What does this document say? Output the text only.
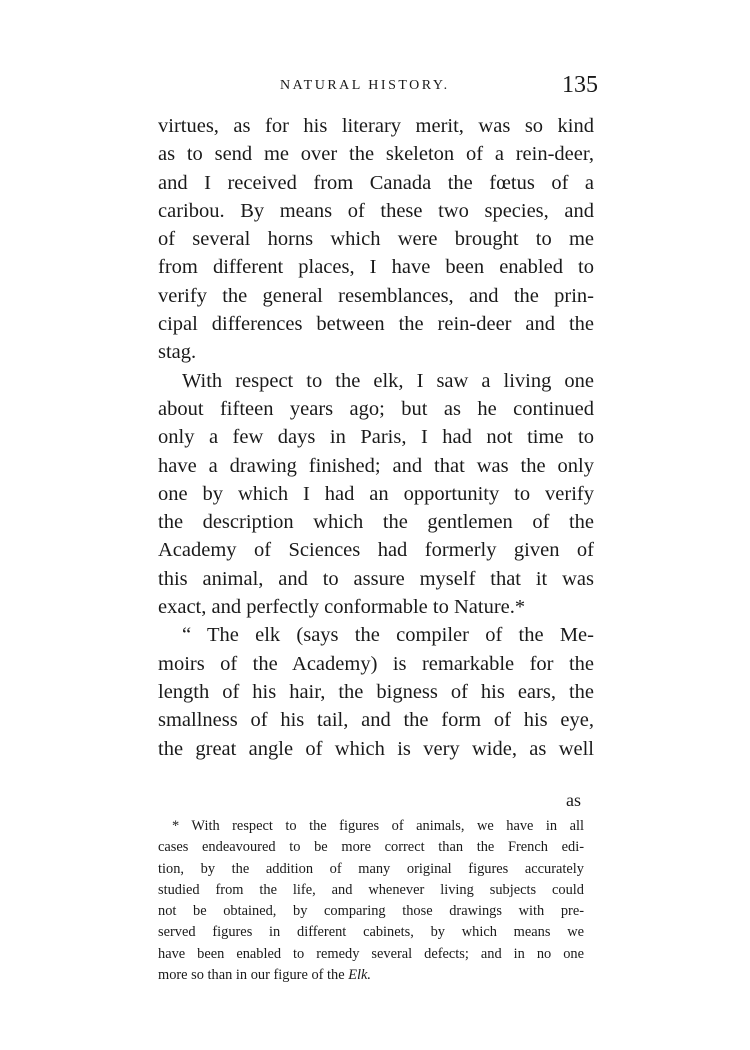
NATURAL HISTORY.	135
virtues, as for his literary merit, was so kind
as to send me over the skeleton of a rein-deer,
and I received from Canada the fœtus of a
caribou. By means of these two species, and
of several horns which were brought to me
from different places, I have been enabled to
verify the general resemblances, and the prin-
cipal differences between the rein-deer and the
stag.
With respect to the elk, I saw a living one
about fifteen years ago; but as he continued
only a few days in Paris, I had not time to
have a drawing finished; and that was the only
one by which I had an opportunity to verify
the description which the gentlemen of the
Academy of Sciences had formerly given of
this animal, and to assure myself that it was
exact, and perfectly conformable to Nature.*
“ The elk (says the compiler of the Me-
moirs of the Academy) is remarkable for the
length of his hair, the bigness of his ears, the
smallness of his tail, and the form of his eye,
the great angle of which is very wide, as well
as
* With respect to the figures of animals, we have in all
cases endeavoured to be more correct than the French edi-
tion, by the addition of many original figures accurately
studied from the life, and whenever living subjects could
not be obtained, by comparing those drawings with pre-
served figures in different cabinets, by which means we
have been enabled to remedy several defects; and in no one
more so than in our figure of the Elk.
